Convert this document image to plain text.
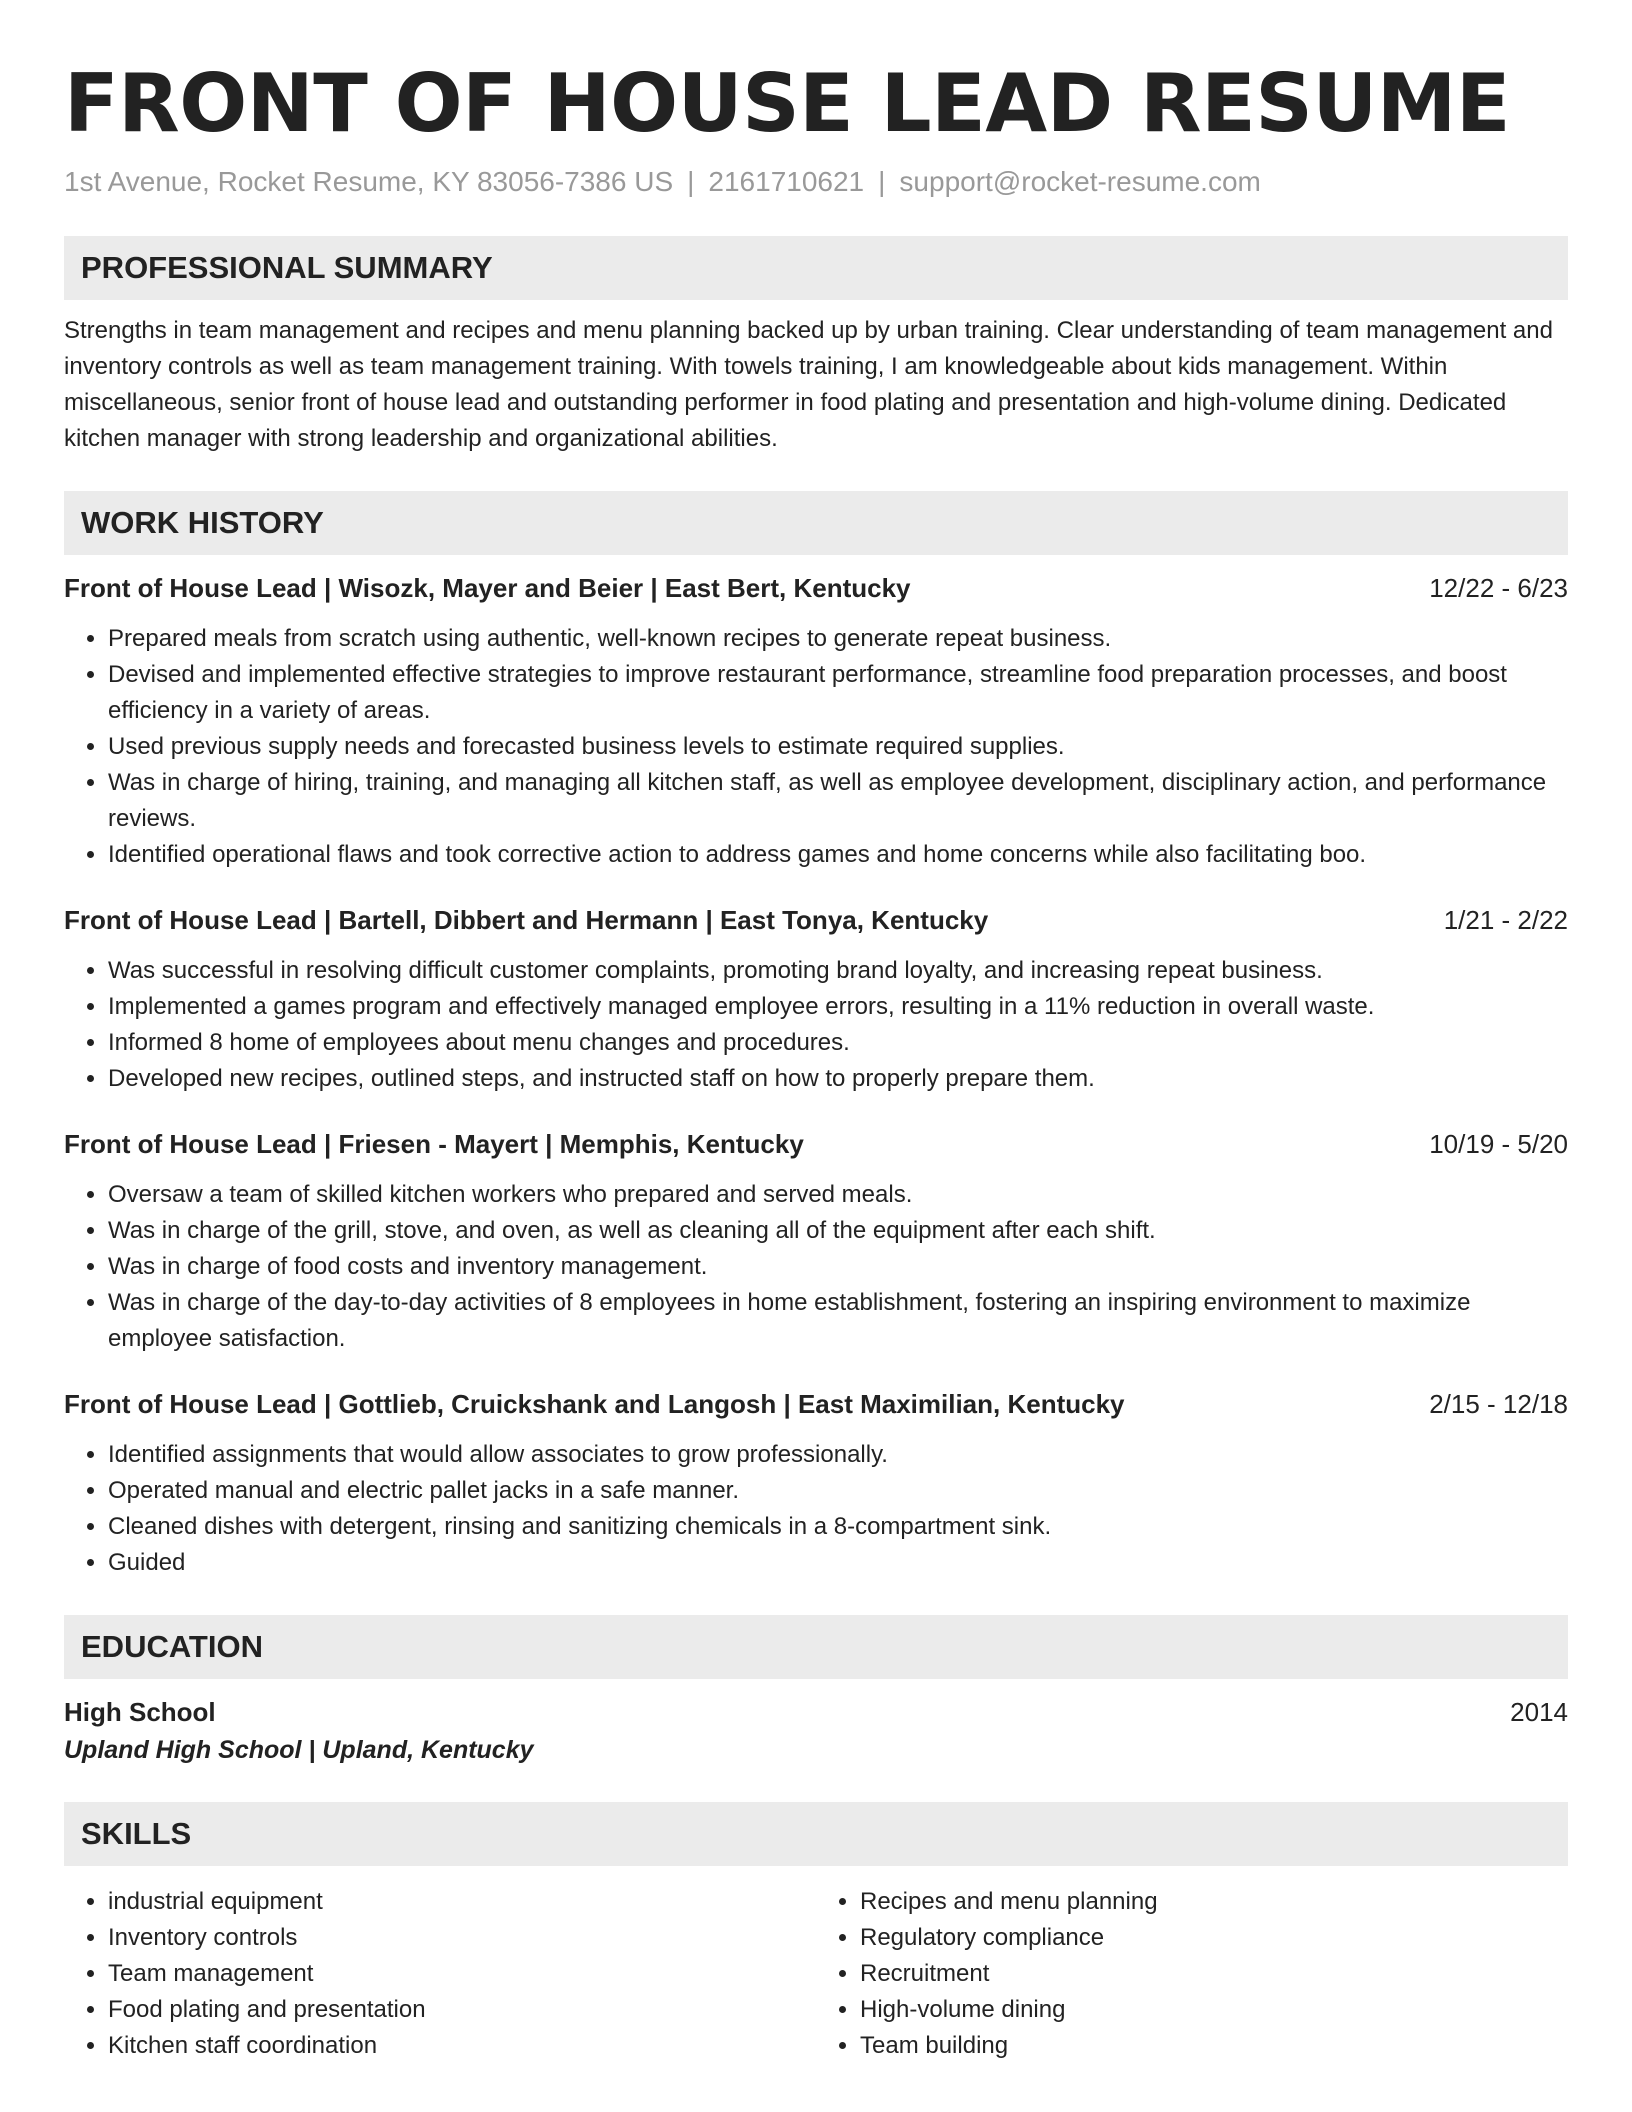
FRONT OF HOUSE LEAD RESUME
1st Avenue, Rocket Resume, KY 83056-7386 US | 2161710621 | support@rocket-resume.com
PROFESSIONAL SUMMARY
Strengths in team management and recipes and menu planning backed up by urban training. Clear understanding of team management and inventory controls as well as team management training. With towels training, I am knowledgeable about kids management. Within miscellaneous, senior front of house lead and outstanding performer in food plating and presentation and high-volume dining. Dedicated kitchen manager with strong leadership and organizational abilities.
WORK HISTORY
Front of House Lead | Wisozk, Mayer and Beier | East Bert, Kentucky	12/22 - 6/23
• Prepared meals from scratch using authentic, well-known recipes to generate repeat business.
• Devised and implemented effective strategies to improve restaurant performance, streamline food preparation processes, and boost efficiency in a variety of areas.
• Used previous supply needs and forecasted business levels to estimate required supplies.
• Was in charge of hiring, training, and managing all kitchen staff, as well as employee development, disciplinary action, and performance reviews.
• Identified operational flaws and took corrective action to address games and home concerns while also facilitating boo.
Front of House Lead | Bartell, Dibbert and Hermann | East Tonya, Kentucky	1/21 - 2/22
• Was successful in resolving difficult customer complaints, promoting brand loyalty, and increasing repeat business.
• Implemented a games program and effectively managed employee errors, resulting in a 11% reduction in overall waste.
• Informed 8 home of employees about menu changes and procedures.
• Developed new recipes, outlined steps, and instructed staff on how to properly prepare them.
Front of House Lead | Friesen - Mayert | Memphis, Kentucky	10/19 - 5/20
• Oversaw a team of skilled kitchen workers who prepared and served meals.
• Was in charge of the grill, stove, and oven, as well as cleaning all of the equipment after each shift.
• Was in charge of food costs and inventory management.
• Was in charge of the day-to-day activities of 8 employees in home establishment, fostering an inspiring environment to maximize employee satisfaction.
Front of House Lead | Gottlieb, Cruickshank and Langosh | East Maximilian, Kentucky	2/15 - 12/18
• Identified assignments that would allow associates to grow professionally.
• Operated manual and electric pallet jacks in a safe manner.
• Cleaned dishes with detergent, rinsing and sanitizing chemicals in a 8-compartment sink.
• Guided
EDUCATION
High School	2014
Upland High School | Upland, Kentucky
SKILLS
• industrial equipment
• Inventory controls
• Team management
• Food plating and presentation
• Kitchen staff coordination
• Recipes and menu planning
• Regulatory compliance
• Recruitment
• High-volume dining
• Team building
